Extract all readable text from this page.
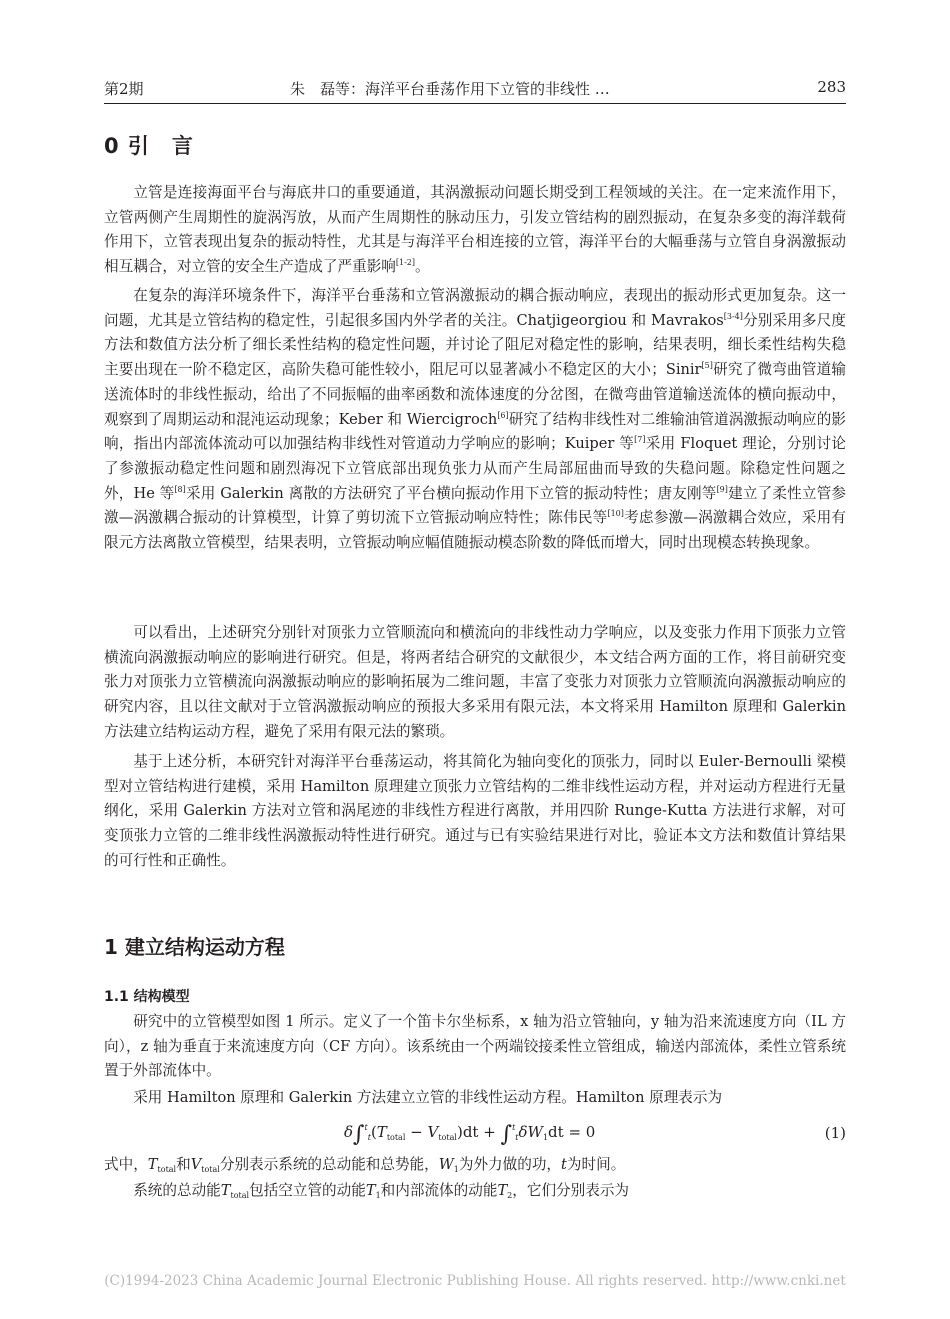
第2期	朱　磊等：海洋平台垂荡作用下立管的非线性 …	283
0 引　言

立管是连接海面平台与海底井口的重要通道，其涡激振动问题长期受到工程领域的关注。在一定来流作用下，立管两侧产生周期性的旋涡泻放，从而产生周期性的脉动压力，引发立管结构的剧烈振动，在复杂多变的海洋载荷作用下，立管表现出复杂的振动特性，尤其是与海洋平台相连接的立管，海洋平台的大幅垂荡与立管自身涡激振动相互耦合，对立管的安全生产造成了严重影响[1-2]。

在复杂的海洋环境条件下，海洋平台垂荡和立管涡激振动的耦合振动响应，表现出的振动形式更加复杂。这一问题，尤其是立管结构的稳定性，引起很多国内外学者的关注。Chatjigeorgiou 和 Mavrakos[3-4]分别采用多尺度方法和数值方法分析了细长柔性结构的稳定性问题，并讨论了阻尼对稳定性的影响，结果表明，细长柔性结构失稳主要出现在一阶不稳定区，高阶失稳可能性较小，阻尼可以显著减小不稳定区的大小；Sinir[5]研究了微弯曲管道输送流体时的非线性振动，给出了不同振幅的曲率函数和流体速度的分岔图，在微弯曲管道输送流体的横向振动中，观察到了周期运动和混沌运动现象；Keber 和 Wiercigroch[6]研究了结构非线性对二维输油管道涡激振动响应的影响，指出内部流体流动可以加强结构非线性对管道动力学响应的影响；Kuiper 等[7]采用 Floquet 理论，分别讨论了参激振动稳定性问题和剧烈海况下立管底部出现负张力从而产生局部屈曲而导致的失稳问题。除稳定性问题之外，He 等[8]采用 Galerkin 离散的方法研究了平台横向振动作用下立管的振动特性；唐友刚等[9]建立了柔性立管参激—涡激耦合振动的计算模型，计算了剪切流下立管振动响应特性；陈伟民等[10]考虑参激—涡激耦合效应，采用有限元方法离散立管模型，结果表明，立管振动响应幅值随振动模态阶数的降低而增大，同时出现模态转换现象。

可以看出，上述研究分别针对顶张力立管顺流向和横流向的非线性动力学响应，以及变张力作用下顶张力立管横流向涡激振动响应的影响进行研究。但是，将两者结合研究的文献很少，本文结合两方面的工作，将目前研究变张力对顶张力立管横流向涡激振动响应的影响拓展为二维问题，丰富了变张力对顶张力立管顺流向涡激振动响应的研究内容，且以往文献对于立管涡激振动响应的预报大多采用有限元法，本文将采用 Hamilton 原理和 Galerkin 方法建立结构运动方程，避免了采用有限元法的繁琐。

基于上述分析，本研究针对海洋平台垂荡运动，将其简化为轴向变化的顶张力，同时以 Euler-Bernoulli 梁模型对立管结构进行建模，采用 Hamilton 原理建立顶张力立管结构的二维非线性运动方程，并对运动方程进行无量纲化，采用 Galerkin 方法对立管和涡尾迹的非线性方程进行离散，并用四阶 Runge-Kutta 方法进行求解，对可变顶张力立管的二维非线性涡激振动特性进行研究。通过与已有实验结果进行对比，验证本文方法和数值计算结果的可行性和正确性。

1 建立结构运动方程
1.1 结构模型

研究中的立管模型如图 1 所示。定义了一个笛卡尔坐标系，x 轴为沿立管轴向，y 轴为沿来流速度方向（IL 方向），z 轴为垂直于来流速度方向（CF 方向）。该系统由一个两端铰接柔性立管组成，输送内部流体，柔性立管系统置于外部流体中。

采用 Hamilton 原理和 Galerkin 方法建立立管的非线性运动方程。Hamilton 原理表示为

$\delta\int^t_t(T_{total} - V_{total})dt + \int^t_t\delta W_1dt = 0$	(1)

式中，$T_{total}$和$V_{total}$分别表示系统的总动能和总势能，$W_1$为外力做的功，t为时间。

系统的总动能$T_{total}$包括空立管的动能$T_1$和内部流体的动能$T_2$，它们分别表示为

(C)1994-2023 China Academic Journal Electronic Publishing House. All rights reserved. http://www.cnki.net
